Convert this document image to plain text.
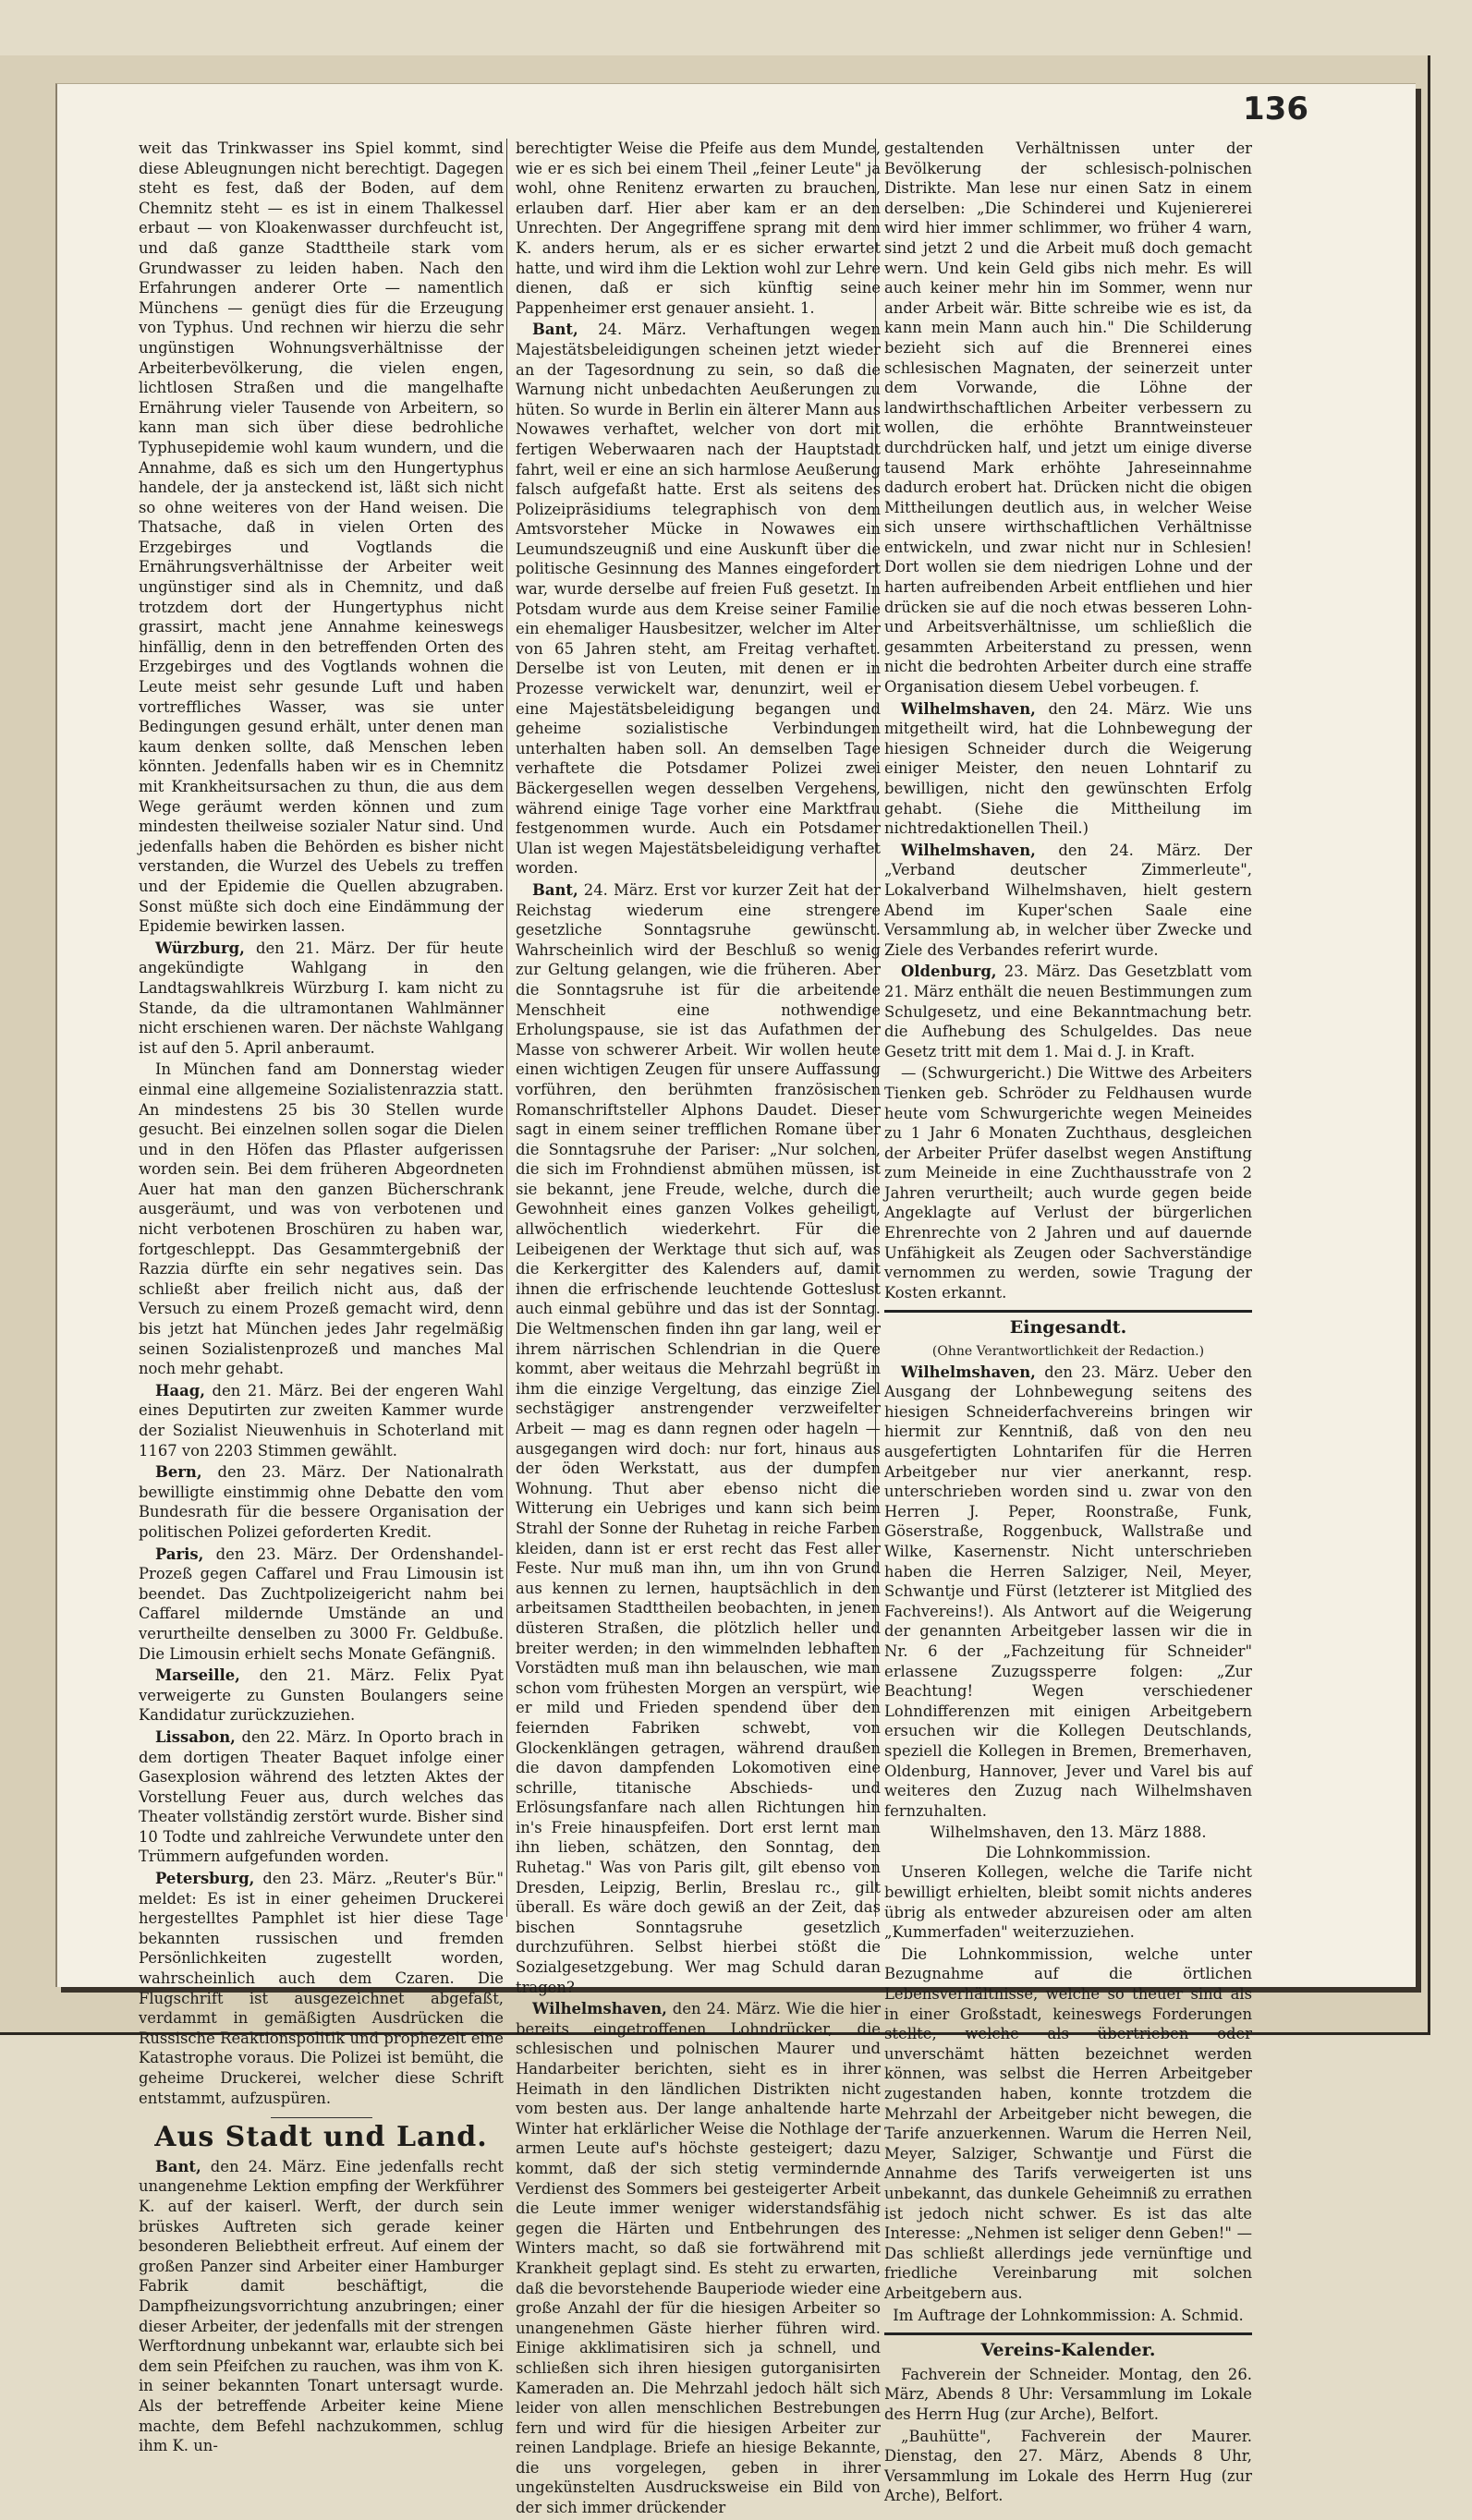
136

weit das Trinkwasser ins Spiel kommt, sind diese Ableugnungen nicht berechtigt. Dagegen steht es fest, daß der Boden, auf dem Chemnitz steht — es ist in einem Thalkessel erbaut — von Kloakenwasser durchfeucht ist, und daß ganze Stadttheile stark vom Grundwasser zu leiden haben. Nach den Erfahrungen anderer Orte — namentlich Münchens — genügt dies für die Erzeugung von Typhus. Und rechnen wir hierzu die sehr ungünstigen Wohnungsverhältnisse der Arbeiterbevölkerung, die vielen engen, lichtlosen Straßen und die mangelhafte Ernährung vieler Tausende von Arbeitern, so kann man sich über diese bedrohliche Typhusepidemie wohl kaum wundern, und die Annahme, daß es sich um den Hungertyphus handele, der ja ansteckend ist, läßt sich nicht so ohne weiteres von der Hand weisen. Die Thatsache, daß in vielen Orten des Erzgebirges und Vogtlands die Ernährungsverhältnisse der Arbeiter weit ungünstiger sind als in Chemnitz, und daß trotzdem dort der Hungertyphus nicht grassirt, macht jene Annahme keineswegs hinfällig, denn in den betreffenden Orten des Erzgebirges und des Vogtlands wohnen die Leute meist sehr gesunde Luft und haben vortreffliches Wasser, was sie unter Bedingungen gesund erhält, unter denen man kaum denken sollte, daß Menschen leben könnten. Jedenfalls haben wir es in Chemnitz mit Krankheitsursachen zu thun, die aus dem Wege geräumt werden können und zum mindesten theilweise sozialer Natur sind. Und jedenfalls haben die Behörden es bisher nicht verstanden, die Wurzel des Uebels zu treffen und der Epidemie die Quellen abzugraben. Sonst müßte sich doch eine Eindämmung der Epidemie bewirken lassen.

Würzburg, den 21. März. Der für heute angekündigte Wahlgang in den Landtagswahlkreis Würzburg I. kam nicht zu Stande, da die ultramontanen Wahlmänner nicht erschienen waren. Der nächste Wahlgang ist auf den 5. April anberaumt.

In München fand am Donnerstag wieder einmal eine allgemeine Sozialistenrazzia statt. An mindestens 25 bis 30 Stellen wurde gesucht. Bei einzelnen sollen sogar die Dielen und in den Höfen das Pflaster aufgerissen worden sein. Bei dem früheren Abgeordneten Auer hat man den ganzen Bücherschrank ausgeräumt, und was von verbotenen und nicht verbotenen Broschüren zu haben war, fortgeschleppt. Das Gesammtergebniß der Razzia dürfte ein sehr negatives sein. Das schließt aber freilich nicht aus, daß der Versuch zu einem Prozeß gemacht wird, denn bis jetzt hat München jedes Jahr regelmäßig seinen Sozialistenprozeß und manches Mal noch mehr gehabt.

Haag, den 21. März. Bei der engeren Wahl eines Deputirten zur zweiten Kammer wurde der Sozialist Nieuwenhuis in Schoterland mit 1167 von 2203 Stimmen gewählt.

Bern, den 23. März. Der Nationalrath bewilligte einstimmig ohne Debatte den vom Bundesrath für die bessere Organisation der politischen Polizei geforderten Kredit.

Paris, den 23. März. Der Ordenshandel-Prozeß gegen Caffarel und Frau Limousin ist beendet. Das Zuchtpolizeigericht nahm bei Caffarel mildernde Umstände an und verurtheilte denselben zu 3000 Fr. Geldbuße. Die Limousin erhielt sechs Monate Gefängniß.

Marseille, den 21. März. Felix Pyat verweigerte zu Gunsten Boulangers seine Kandidatur zurückzuziehen.

Lissabon, den 22. März. In Oporto brach in dem dortigen Theater Baquet infolge einer Gasexplosion während des letzten Aktes der Vorstellung Feuer aus, durch welches das Theater vollständig zerstört wurde. Bisher sind 10 Todte und zahlreiche Verwundete unter den Trümmern aufgefunden worden.

Petersburg, den 23. März. „Reuter's Bür." meldet: Es ist in einer geheimen Druckerei hergestelltes Pamphlet ist hier diese Tage bekannten russischen und fremden Persönlichkeiten zugestellt worden, wahrscheinlich auch dem Czaren. Die Flugschrift ist ausgezeichnet abgefaßt, verdammt in gemäßigten Ausdrücken die Russische Reaktionspolitik und prophezeit eine Katastrophe voraus. Die Polizei ist bemüht, die geheime Druckerei, welcher diese Schrift entstammt, aufzuspüren.

Aus Stadt und Land.

Bant, den 24. März. Eine jedenfalls recht unangenehme Lektion empfing der Werkführer K. auf der kaiserl. Werft, der durch sein brüskes Auftreten sich gerade keiner besonderen Beliebtheit erfreut. Auf einem der großen Panzer sind Arbeiter einer Hamburger Fabrik damit beschäftigt, die Dampfheizungsvorrichtung anzubringen; einer dieser Arbeiter, der jedenfalls mit der strengen Werftordnung unbekannt war, erlaubte sich bei dem sein Pfeifchen zu rauchen, was ihm von K. in seiner bekannten Tonart untersagt wurde. Als der betreffende Arbeiter keine Miene machte, dem Befehl nachzukommen, schlug ihm K. un-

berechtigter Weise die Pfeife aus dem Munde, wie er es sich bei einem Theil „feiner Leute" ja wohl, ohne Renitenz erwarten zu brauchen, erlauben darf. Hier aber kam er an den Unrechten. Der Angegriffene sprang mit dem K. anders herum, als er es sicher erwartet hatte, und wird ihm die Lektion wohl zur Lehre dienen, daß er sich künftig seine Pappenheimer erst genauer ansieht. 1.

Bant, 24. März. Verhaftungen wegen Majestätsbeleidigungen scheinen jetzt wieder an der Tagesordnung zu sein, so daß die Warnung nicht unbedachten Aeußerungen zu hüten. So wurde in Berlin ein älterer Mann aus Nowawes verhaftet, welcher von dort mit fertigen Weberwaaren nach der Hauptstadt fahrt, weil er eine an sich harmlose Aeußerung falsch aufgefaßt hatte. Erst als seitens des Polizeipräsidiums telegraphisch von dem Amtsvorsteher Mücke in Nowawes ein Leumundszeugniß und eine Auskunft über die politische Gesinnung des Mannes eingefordert war, wurde derselbe auf freien Fuß gesetzt. In Potsdam wurde aus dem Kreise seiner Familie ein ehemaliger Hausbesitzer, welcher im Alter von 65 Jahren steht, am Freitag verhaftet. Derselbe ist von Leuten, mit denen er in Prozesse verwickelt war, denunzirt, weil er eine Majestätsbeleidigung begangen und geheime sozialistische Verbindungen unterhalten haben soll. An demselben Tage verhaftete die Potsdamer Polizei zwei Bäckergesellen wegen desselben Vergehens, während einige Tage vorher eine Marktfrau festgenommen wurde. Auch ein Potsdamer Ulan ist wegen Majestätsbeleidigung verhaftet worden.

Bant, 24. März. Erst vor kurzer Zeit hat der Reichstag wiederum eine strengere gesetzliche Sonntagsruhe gewünscht. Wahrscheinlich wird der Beschluß so wenig zur Geltung gelangen, wie die früheren. Aber die Sonntagsruhe ist für die arbeitende Menschheit eine nothwendige Erholungspause, sie ist das Aufathmen der Masse von schwerer Arbeit. Wir wollen heute einen wichtigen Zeugen für unsere Auffassung vorführen, den berühmten französischen Romanschriftsteller Alphons Daudet. Dieser sagt in einem seiner trefflichen Romane über die Sonntagsruhe der Pariser: „Nur solchen, die sich im Frohndienst abmühen müssen, ist sie bekannt, jene Freude, welche, durch die Gewohnheit eines ganzen Volkes geheiligt, allwöchentlich wiederkehrt. Für die Leibeigenen der Werktage thut sich auf, was die Kerkergitter des Kalenders auf, damit ihnen die erfrischende leuchtende Gotteslust auch einmal gebühre und das ist der Sonntag. Die Weltmenschen finden ihn gar lang, weil er ihrem närrischen Schlendrian in die Quere kommt, aber weitaus die Mehrzahl begrüßt in ihm die einzige Vergeltung, das einzige Ziel sechstägiger anstrengender verzweifelter Arbeit — mag es dann regnen oder hageln — ausgegangen wird doch: nur fort, hinaus aus der öden Werkstatt, aus der dumpfen Wohnung. Thut aber ebenso nicht die Witterung ein Uebriges und kann sich beim Strahl der Sonne der Ruhetag in reiche Farben kleiden, dann ist er erst recht das Fest aller Feste. Nur muß man ihn, um ihn von Grund aus kennen zu lernen, hauptsächlich in den arbeitsamen Stadttheilen beobachten, in jenen düsteren Straßen, die plötzlich heller und breiter werden; in den wimmelnden lebhaften Vorstädten muß man ihn belauschen, wie man schon vom frühesten Morgen an verspürt, wie er mild und Frieden spendend über den feiernden Fabriken schwebt, von Glockenklängen getragen, während draußen die davon dampfenden Lokomotiven eine schrille, titanische Abschieds- und Erlösungsfanfare nach allen Richtungen hin in's Freie hinauspfeifen. Dort erst lernt man ihn lieben, schätzen, den Sonntag, den Ruhetag." Was von Paris gilt, gilt ebenso von Dresden, Leipzig, Berlin, Breslau rc., gilt überall. Es wäre doch gewiß an der Zeit, das bischen Sonntagsruhe gesetzlich durchzuführen. Selbst hierbei stößt die Sozialgesetzgebung. Wer mag Schuld daran tragen?

Wilhelmshaven, den 24. März. Wie die hier bereits eingetroffenen Lohndrücker, die schlesischen und polnischen Maurer und Handarbeiter berichten, sieht es in ihrer Heimath in den ländlichen Distrikten nicht vom besten aus. Der lange anhaltende harte Winter hat erklärlicher Weise die Nothlage der armen Leute auf's höchste gesteigert; dazu kommt, daß der sich stetig vermindernde Verdienst des Sommers bei gesteigerter Arbeit die Leute immer weniger widerstandsfähig gegen die Härten und Entbehrungen des Winters macht, so daß sie fortwährend mit Krankheit geplagt sind. Es steht zu erwarten, daß die bevorstehende Bauperiode wieder eine große Anzahl der für die hiesigen Arbeiter so unangenehmen Gäste hierher führen wird. Einige akklimatisiren sich ja schnell, und schließen sich ihren hiesigen gutorganisirten Kameraden an. Die Mehrzahl jedoch hält sich leider von allen menschlichen Bestrebungen fern und wird für die hiesigen Arbeiter zur reinen Landplage. Briefe an hiesige Bekannte, die uns vorgelegen, geben in ihrer ungekünstelten Ausdrucksweise ein Bild von der sich immer drückender

gestaltenden Verhältnissen unter der Bevölkerung der schlesisch-polnischen Distrikte. Man lese nur einen Satz in einem derselben: „Die Schinderei und Kujeniererei wird hier immer schlimmer, wo früher 4 warn, sind jetzt 2 und die Arbeit muß doch gemacht wern. Und kein Geld gibs nich mehr. Es will auch keiner mehr hin im Sommer, wenn nur ander Arbeit wär. Bitte schreibe wie es ist, da kann mein Mann auch hin." Die Schilderung bezieht sich auf die Brennerei eines schlesischen Magnaten, der seinerzeit unter dem Vorwande, die Löhne der landwirthschaftlichen Arbeiter verbessern zu wollen, die erhöhte Branntweinsteuer durchdrücken half, und jetzt um einige diverse tausend Mark erhöhte Jahreseinnahme dadurch erobert hat. Drücken nicht die obigen Mittheilungen deutlich aus, in welcher Weise sich unsere wirthschaftlichen Verhältnisse entwickeln, und zwar nicht nur in Schlesien! Dort wollen sie dem niedrigen Lohne und der harten aufreibenden Arbeit entfliehen und hier drücken sie auf die noch etwas besseren Lohn- und Arbeitsverhältnisse, um schließlich die gesammten Arbeiterstand zu pressen, wenn nicht die bedrohten Arbeiter durch eine straffe Organisation diesem Uebel vorbeugen. f.

Wilhelmshaven, den 24. März. Wie uns mitgetheilt wird, hat die Lohnbewegung der hiesigen Schneider durch die Weigerung einiger Meister, den neuen Lohntarif zu bewilligen, nicht den gewünschten Erfolg gehabt. (Siehe die Mittheilung im nichtredaktionellen Theil.)

Wilhelmshaven, den 24. März. Der „Verband deutscher Zimmerleute", Lokalverband Wilhelmshaven, hielt gestern Abend im Kuper'schen Saale eine Versammlung ab, in welcher über Zwecke und Ziele des Verbandes referirt wurde.

Oldenburg, 23. März. Das Gesetzblatt vom 21. März enthält die neuen Bestimmungen zum Schulgesetz, und eine Bekanntmachung betr. die Aufhebung des Schulgeldes. Das neue Gesetz tritt mit dem 1. Mai d. J. in Kraft.

— (Schwurgericht.) Die Wittwe des Arbeiters Tienken geb. Schröder zu Feldhausen wurde heute vom Schwurgerichte wegen Meineides zu 1 Jahr 6 Monaten Zuchthaus, desgleichen der Arbeiter Prüfer daselbst wegen Anstiftung zum Meineide in eine Zuchthausstrafe von 2 Jahren verurtheilt; auch wurde gegen beide Angeklagte auf Verlust der bürgerlichen Ehrenrechte von 2 Jahren und auf dauernde Unfähigkeit als Zeugen oder Sachverständige vernommen zu werden, sowie Tragung der Kosten erkannt.

Eingesandt.
(Ohne Verantwortlichkeit der Redaction.)

Wilhelmshaven, den 23. März. Ueber den Ausgang der Lohnbewegung seitens des hiesigen Schneiderfachvereins bringen wir hiermit zur Kenntniß, daß von den neu ausgefertigten Lohntarifen für die Herren Arbeitgeber nur vier anerkannt, resp. unterschrieben worden sind u. zwar von den Herren J. Peper, Roonstraße, Funk, Göserstraße, Roggenbuck, Wallstraße und Wilke, Kasernenstr. Nicht unterschrieben haben die Herren Salziger, Neil, Meyer, Schwantje und Fürst (letzterer ist Mitglied des Fachvereins!). Als Antwort auf die Weigerung der genannten Arbeitgeber lassen wir die in Nr. 6 der „Fachzeitung für Schneider" erlassene Zuzugssperre folgen: „Zur Beachtung! Wegen verschiedener Lohndifferenzen mit einigen Arbeitgebern ersuchen wir die Kollegen Deutschlands, speziell die Kollegen in Bremen, Bremerhaven, Oldenburg, Hannover, Jever und Varel bis auf weiteres den Zuzug nach Wilhelmshaven fernzuhalten.

Wilhelmshaven, den 13. März 1888.
Die Lohnkommission.

Unseren Kollegen, welche die Tarife nicht bewilligt erhielten, bleibt somit nichts anderes übrig als entweder abzureisen oder am alten „Kummerfaden" weiterzuziehen.

Die Lohnkommission, welche unter Bezugnahme auf die örtlichen Lebensverhältnisse, welche so theuer sind als in einer Großstadt, keineswegs Forderungen stellte, welche als übertrieben oder unverschämt hätten bezeichnet werden können, was selbst die Herren Arbeitgeber zugestanden haben, konnte trotzdem die Mehrzahl der Arbeitgeber nicht bewegen, die Tarife anzuerkennen. Warum die Herren Neil, Meyer, Salziger, Schwantje und Fürst die Annahme des Tarifs verweigerten ist uns unbekannt, das dunkele Geheimniß zu errathen ist jedoch nicht schwer. Es ist das alte Interesse: „Nehmen ist seliger denn Geben!" — Das schließt allerdings jede vernünftige und friedliche Vereinbarung mit solchen Arbeitgebern aus.

Im Auftrage der Lohnkommission: A. Schmid.
Vereins-Kalender.

Fachverein der Schneider. Montag, den 26. März, Abends 8 Uhr: Versammlung im Lokale des Herrn Hug (zur Arche), Belfort.

„Bauhütte", Fachverein der Maurer. Dienstag, den 27. März, Abends 8 Uhr, Versammlung im Lokale des Herrn Hug (zur Arche), Belfort.
